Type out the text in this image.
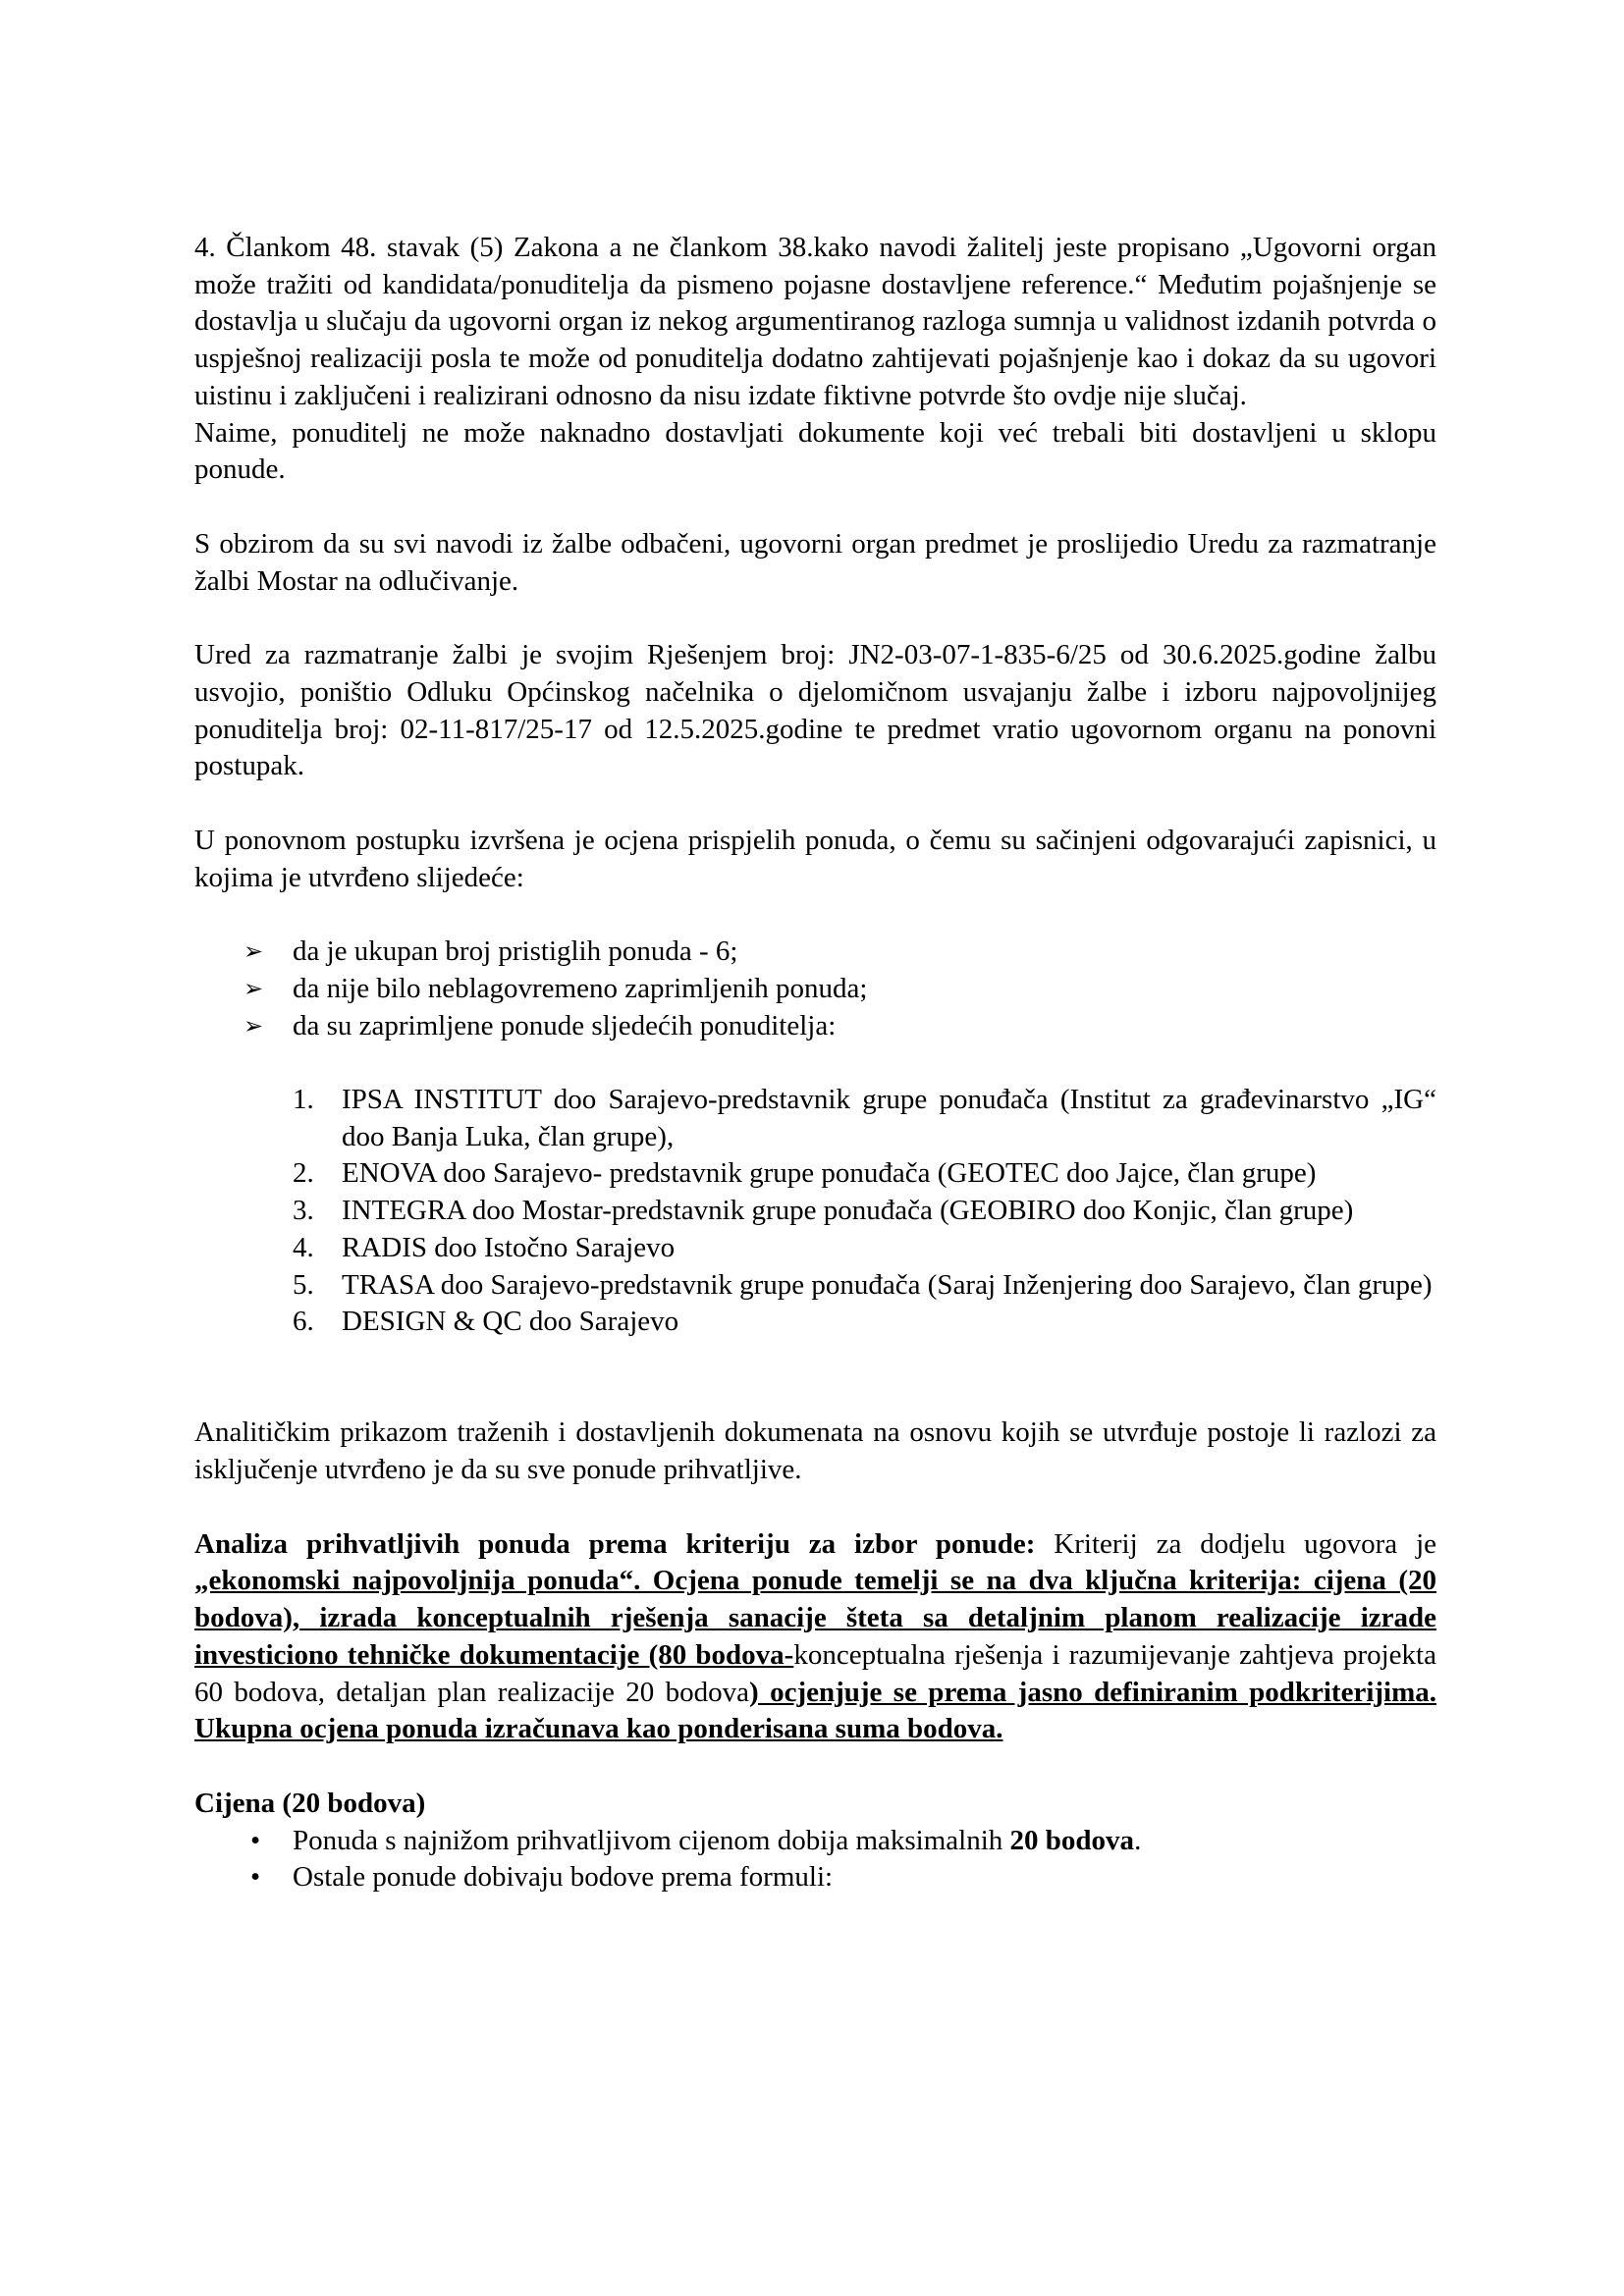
4. Člankom 48. stavak (5) Zakona a ne člankom 38.kako navodi žalitelj jeste propisano „Ugovorni organ može tražiti od kandidata/ponuditelja da pismeno pojasne dostavljene reference.“ Međutim pojašnjenje se dostavlja u slučaju da ugovorni organ iz nekog argumentiranog razloga sumnja u validnost izdanih potvrda o uspješnoj realizaciji posla te može od ponuditelja dodatno zahtijevati pojašnjenje kao i dokaz da su ugovori uistinu i zaključeni i realizirani odnosno da nisu izdate fiktivne potvrde što ovdje nije slučaj.

Naime, ponuditelj ne može naknadno dostavljati dokumente koji već trebali biti dostavljeni u sklopu ponude.

S obzirom da su svi navodi iz žalbe odbačeni, ugovorni organ predmet je proslijedio Uredu za razmatranje žalbi Mostar na odlučivanje.

Ured za razmatranje žalbi je svojim Rješenjem broj: JN2-03-07-1-835-6/25 od 30.6.2025.godine žalbu usvojio, poništio Odluku Općinskog načelnika o djelomičnom usvajanju žalbe i izboru najpovoljnijeg ponuditelja broj: 02-11-817/25-17 od 12.5.2025.godine te predmet vratio ugovornom organu na ponovni postupak.

U ponovnom postupku izvršena je ocjena prispjelih ponuda, o čemu su sačinjeni odgovarajući zapisnici, u kojima je utvrđeno slijedeće:

➢ da je ukupan broj pristiglih ponuda - 6;
➢ da nije bilo neblagovremeno zaprimljenih ponuda;
➢ da su zaprimljene ponude sljedećih ponuditelja:
1. IPSA INSTITUT doo Sarajevo-predstavnik grupe ponuđača (Institut za građevinarstvo „IG“ doo Banja Luka, član grupe),
2. ENOVA doo Sarajevo- predstavnik grupe ponuđača (GEOTEC doo Jajce, član grupe)
3. INTEGRA doo Mostar-predstavnik grupe ponuđača (GEOBIRO doo Konjic, član grupe)
4. RADIS doo Istočno Sarajevo
5. TRASA doo Sarajevo-predstavnik grupe ponuđača (Saraj Inženjering doo Sarajevo, član grupe)
6. DESIGN & QC doo Sarajevo

Analitičkim prikazom traženih i dostavljenih dokumenata na osnovu kojih se utvrđuje postoje li razlozi za isključenje utvrđeno je da su sve ponude prihvatljive.

Analiza prihvatljivih ponuda prema kriteriju za izbor ponude: Kriterij za dodjelu ugovora je „ekonomski najpovoljnija ponuda“. Ocjena ponude temelji se na dva ključna kriterija: cijena (20 bodova), izrada konceptualnih rješenja sanacije šteta sa detaljnim planom realizacije izrade investiciono tehničke dokumentacije (80 bodova-konceptualna rješenja i razumijevanje zahtjeva projekta 60 bodova, detaljan plan realizacije 20 bodova) ocjenjuje se prema jasno definiranim podkriterijima. Ukupna ocjena ponuda izračunava kao ponderisana suma bodova.

Cijena (20 bodova)

• Ponuda s najnižom prihvatljivom cijenom dobija maksimalnih 20 bodova.
• Ostale ponude dobivaju bodove prema formuli:
